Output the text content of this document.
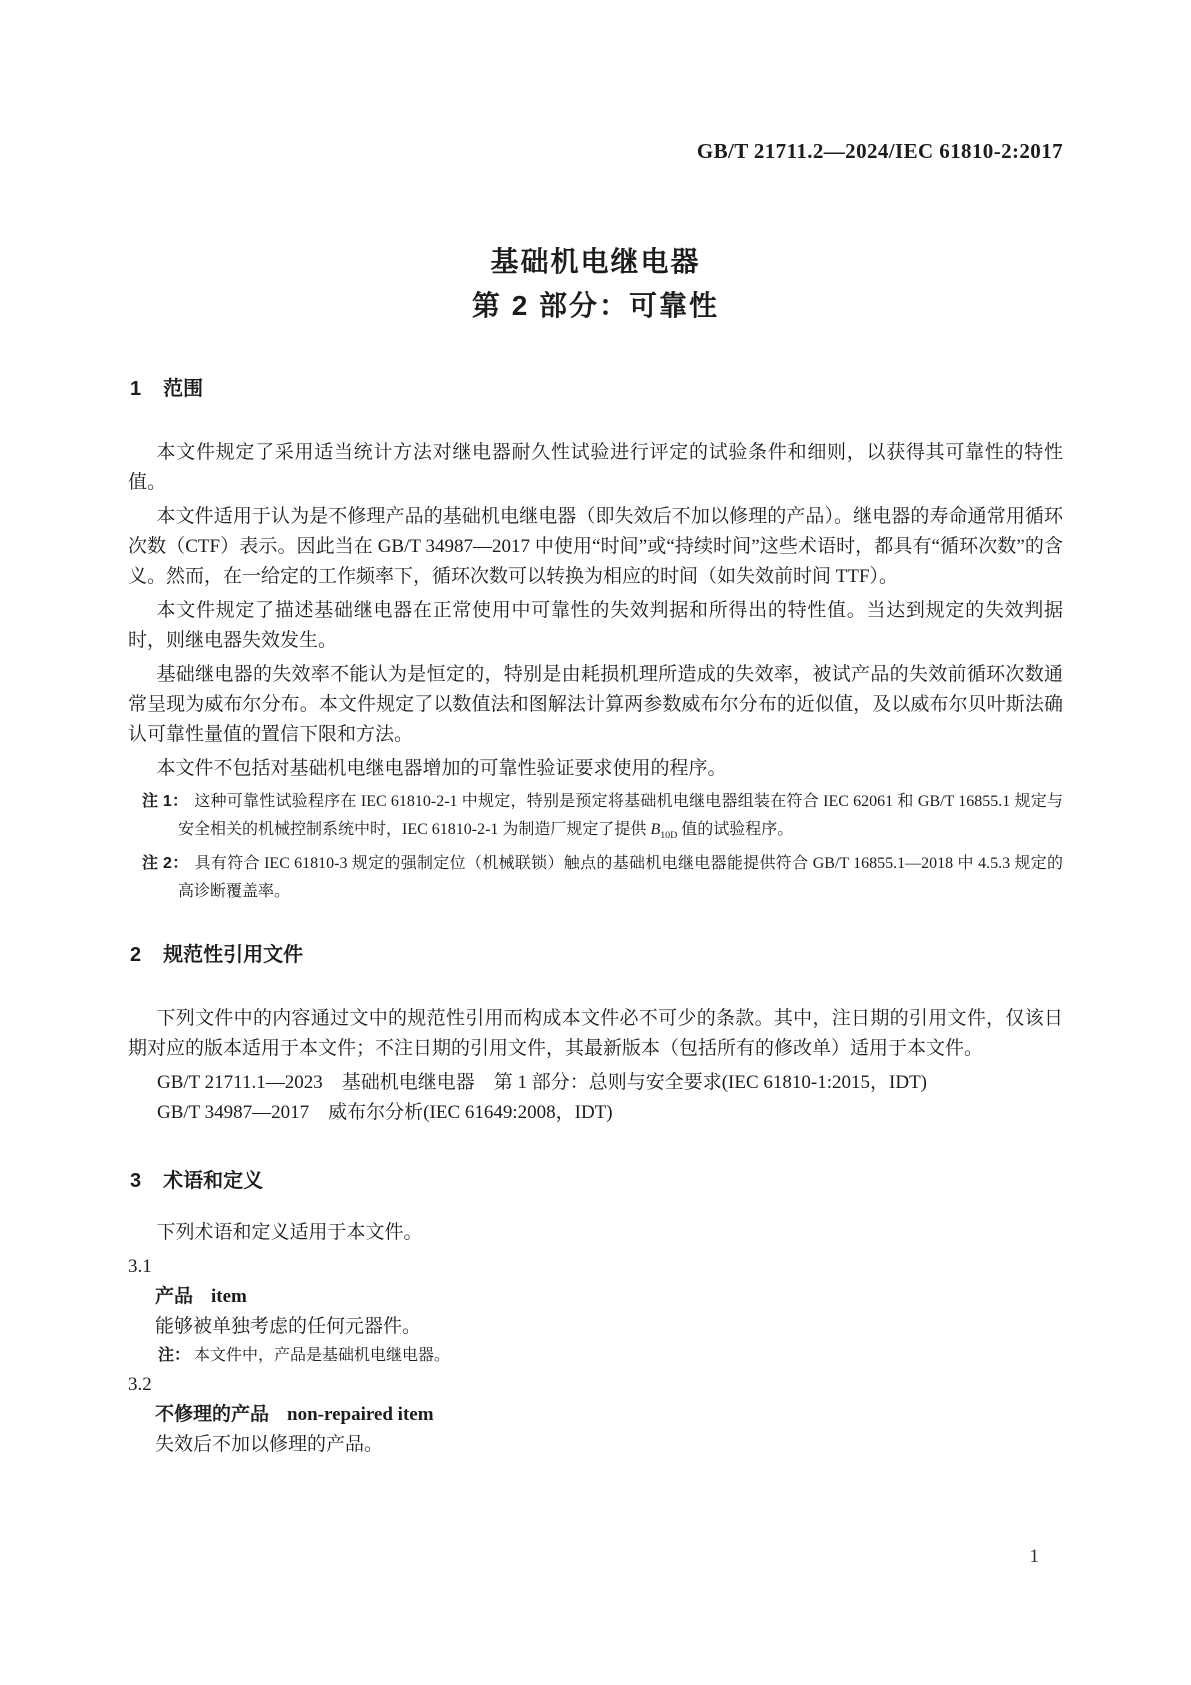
GB/T 21711.2—2024/IEC 61810-2:2017
基础机电继电器
第 2 部分：可靠性
1 范围

本文件规定了采用适当统计方法对继电器耐久性试验进行评定的试验条件和细则，以获得其可靠性的特性值。

本文件适用于认为是不修理产品的基础机电继电器（即失效后不加以修理的产品）。继电器的寿命通常用循环次数（CTF）表示。因此当在 GB/T 34987—2017 中使用“时间”或“持续时间”这些术语时，都具有“循环次数”的含义。然而，在一给定的工作频率下，循环次数可以转换为相应的时间（如失效前时间 TTF）。

本文件规定了描述基础继电器在正常使用中可靠性的失效判据和所得出的特性值。当达到规定的失效判据时，则继电器失效发生。

基础继电器的失效率不能认为是恒定的，特别是由耗损机理所造成的失效率，被试产品的失效前循环次数通常呈现为威布尔分布。本文件规定了以数值法和图解法计算两参数威布尔分布的近似值，及以威布尔贝叶斯法确认可靠性量值的置信下限和方法。

本文件不包括对基础机电继电器增加的可靠性验证要求使用的程序。

注 1： 这种可靠性试验程序在 IEC 61810-2-1 中规定，特别是预定将基础机电继电器组装在符合 IEC 62061 和 GB/T 16855.1 规定与安全相关的机械控制系统中时，IEC 61810-2-1 为制造厂规定了提供 $B_{10D}$ 值的试验程序。

注 2： 具有符合 IEC 61810-3 规定的强制定位（机械联锁）触点的基础机电继电器能提供符合 GB/T 16855.1—2018 中 4.5.3 规定的高诊断覆盖率。

2 规范性引用文件

下列文件中的内容通过文中的规范性引用而构成本文件必不可少的条款。其中，注日期的引用文件，仅该日期对应的版本适用于本文件；不注日期的引用文件，其最新版本（包括所有的修改单）适用于本文件。

GB/T 21711.1—2023　基础机电继电器　第 1 部分：总则与安全要求(IEC 61810-1:2015，IDT)

GB/T 34987—2017　威布尔分析(IEC 61649:2008，IDT)

3 术语和定义

下列术语和定义适用于本文件。

3.1
产品 item
能够被单独考虑的任何元器件。
注： 本文件中，产品是基础机电继电器。
3.2
不修理的产品 non-repaired item
失效后不加以修理的产品。
1
